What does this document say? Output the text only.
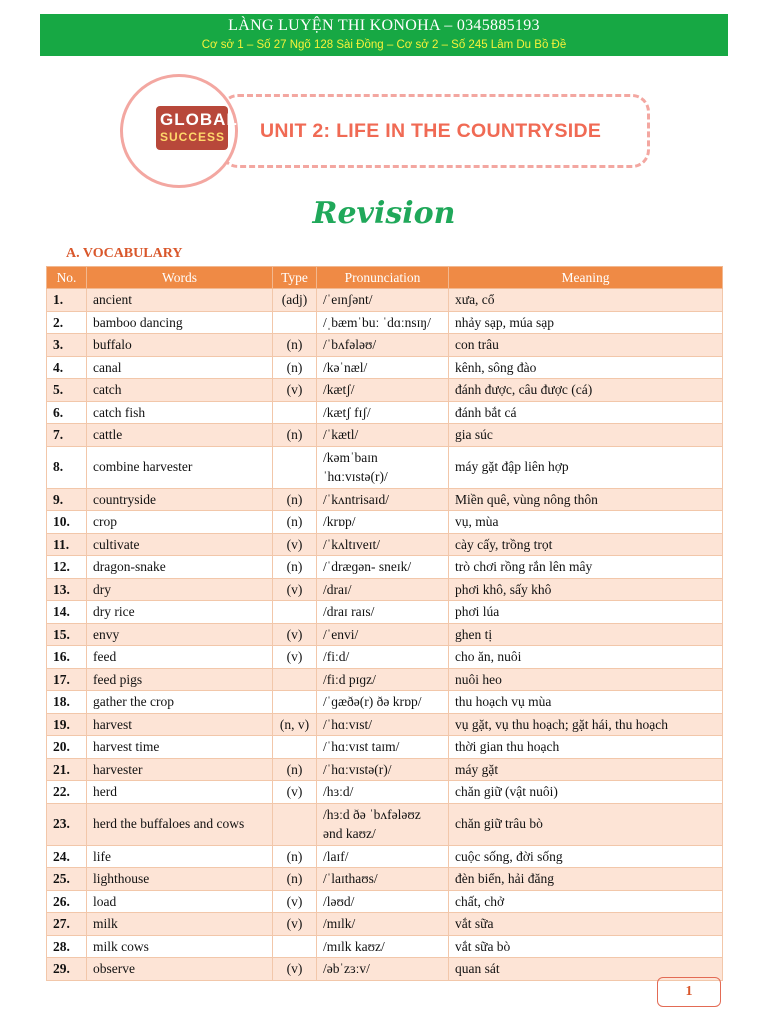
LÀNG LUYỆN THI KONOHA – 0345885193
Cơ sở 1 – Số 27 Ngõ 128 Sài Đồng – Cơ sở 2 – Số 245 Lâm Du Bồ Đề
GLOBAL
SUCCESS UNIT 2: LIFE IN THE COUNTRYSIDE
Revision
A. VOCABULARY
No.	Words	Type	Pronunciation	Meaning
1.	ancient	(adj)	/ˈeɪnʃənt/	xưa, cổ
2.	bamboo dancing		/ˌbæmˈbuː ˈdɑːnsɪŋ/	nhảy sạp, múa sạp
3.	buffalo	(n)	/ˈbʌfələʊ/	con trâu
4.	canal	(n)	/kəˈnæl/	kênh, sông đào
5.	catch	(v)	/kætʃ/	đánh được, câu được (cá)
6.	catch fish		/kætʃ fɪʃ/	đánh bắt cá
7.	cattle	(n)	/ˈkætl/	gia súc
8.	combine harvester		/kəmˈbaɪn ˈhɑːvɪstə(r)/	máy gặt đập liên hợp
9.	countryside	(n)	/ˈkʌntrisaɪd/	Miền quê, vùng nông thôn
10.	crop	(n)	/krɒp/	vụ, mùa
11.	cultivate	(v)	/ˈkʌltɪveɪt/	cày cấy, trồng trọt
12.	dragon-snake	(n)	/ˈdræɡən- sneɪk/	trò chơi rồng rắn lên mây
13.	dry	(v)	/draɪ/	phơi khô, sấy khô
14.	dry rice		/draɪ raɪs/	phơi lúa
15.	envy	(v)	/ˈenvi/	ghen tị
16.	feed	(v)	/fiːd/	cho ăn, nuôi
17.	feed pigs		/fiːd pɪɡz/	nuôi heo
18.	gather the crop		/ˈɡæðə(r) ðə krɒp/	thu hoạch vụ mùa
19.	harvest	(n, v)	/ˈhɑːvɪst/	vụ gặt, vụ thu hoạch; gặt hái, thu hoạch
20.	harvest time		/ˈhɑːvɪst taɪm/	thời gian thu hoạch
21.	harvester	(n)	/ˈhɑːvɪstə(r)/	máy gặt
22.	herd	(v)	/hɜːd/	chăn giữ (vật nuôi)
23.	herd the buffaloes and cows		/hɜːd ðə ˈbʌfələʊz ənd kaʊz/	chăn giữ trâu bò
24.	life	(n)	/laɪf/	cuộc sống, đời sống
25.	lighthouse	(n)	/ˈlaɪthaʊs/	đèn biển, hải đăng
26.	load	(v)	/ləʊd/	chất, chở
27.	milk	(v)	/mɪlk/	vắt sữa
28.	milk cows		/mɪlk kaʊz/	vắt sữa bò
29.	observe	(v)	/əbˈzɜːv/	quan sát
1
